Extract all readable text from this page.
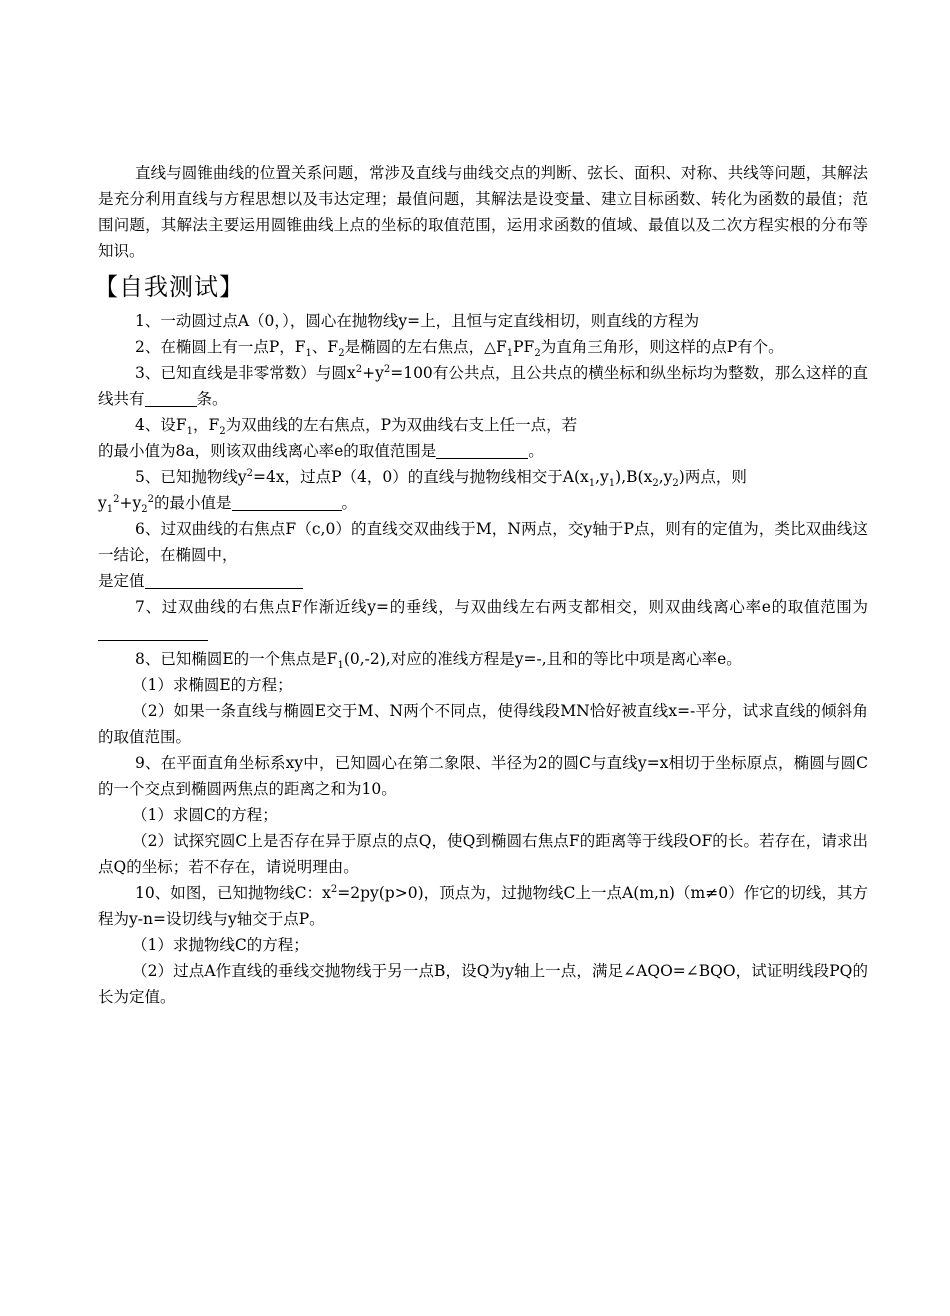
直线与圆锥曲线的位置关系问题，常涉及直线与曲线交点的判断、弦长、面积、对称、共线等问题，其解法是充分利用直线与方程思想以及韦达定理；最值问题，其解法是设变量、建立目标函数、转化为函数的最值；范围问题，其解法主要运用圆锥曲线上点的坐标的取值范围，运用求函数的值域、最值以及二次方程实根的分布等知识。

【自我测试】

1、一动圆过点A（0，），圆心在抛物线y=上，且恒与定直线相切，则直线的方程为

2、在椭圆上有一点P，$F_1$、$F_2$是椭圆的左右焦点，$\triangle F_1PF_2$为直角三角形，则这样的点P有个。

3、已知直线是非零常数）与圆$x^2+y^2=100$有公共点，且公共点的横坐标和纵坐标均为整数，那么这样的直线共有	条。

4、设$F_1$，$F_2$为双曲线的左右焦点，P为双曲线右支上任一点，若

的最小值为8a，则该双曲线离心率e的取值范围是	。

5、已知抛物线$y^2=4x$，过点P（4，0）的直线与抛物线相交于$A(x_1,y_1),B(x_2,y_2)$两点，则
$y_1^2+y_2^2$的最小值是	。

6、过双曲线的右焦点F（c,0）的直线交双曲线于M，N两点，交y轴于P点，则有的定值为，类比双曲线这一结论，在椭圆中，

是定值

7、过双曲线的右焦点F作渐近线y=的垂线，与双曲线左右两支都相交，则双曲线离心率e的取值范围为

8、已知椭圆E的一个焦点是$F_1(0,-2)$,对应的准线方程是y=-,且和的等比中项是离心率e。

（1）求椭圆E的方程；

（2）如果一条直线与椭圆E交于M、N两个不同点，使得线段MN恰好被直线x=-平分，试求直线的倾斜角的取值范围。

9、在平面直角坐标系xy中，已知圆心在第二象限、半径为2的圆C与直线y=x相切于坐标原点，椭圆与圆C的一个交点到椭圆两焦点的距离之和为10。

（1）求圆C的方程；

（2）试探究圆C上是否存在异于原点的点Q，使Q到椭圆右焦点F的距离等于线段OF的长。若存在，请求出点Q的坐标；若不存在，请说明理由。

10、如图，已知抛物线C：$x^2=2py(p>0)$，顶点为，过抛物线C上一点A(m,n)（m≠0）作它的切线，其方程为y-n=设切线与y轴交于点P。

（1）求抛物线C的方程；

（2）过点A作直线的垂线交抛物线于另一点B，设Q为y轴上一点，满足∠AQO=∠BQO，试证明线段PQ的长为定值。
